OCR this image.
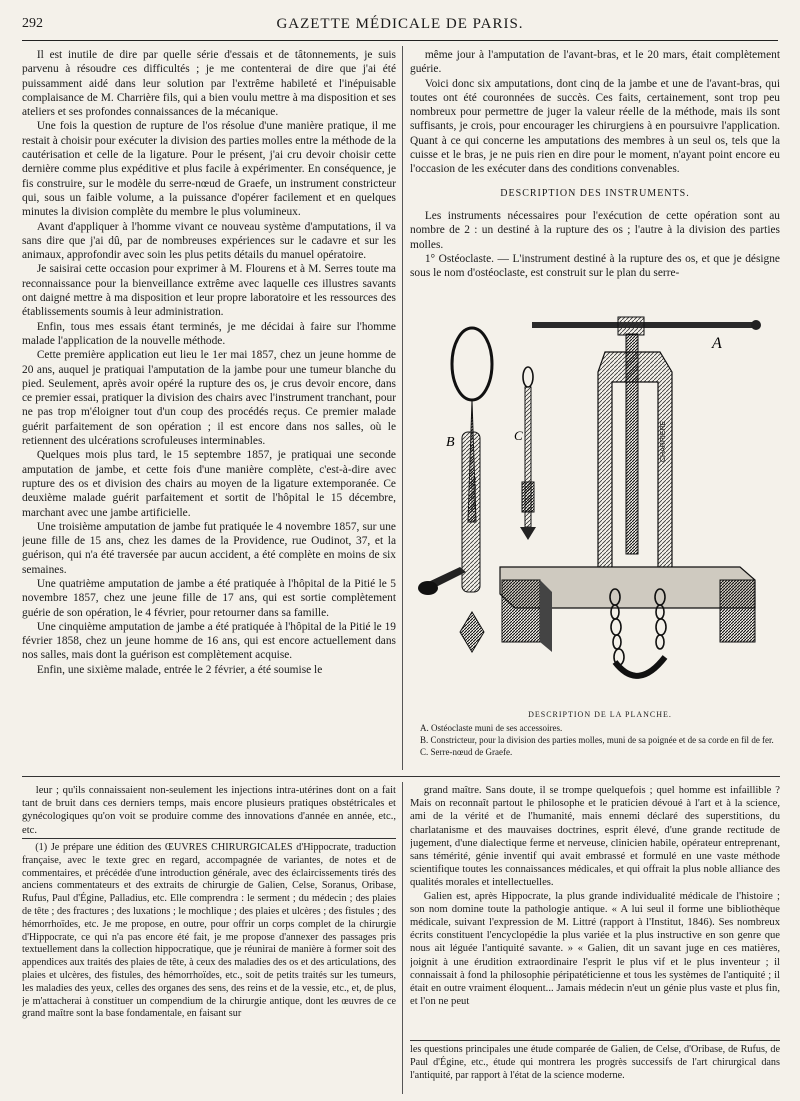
292	GAZETTE MÉDICALE DE PARIS.

Il est inutile de dire par quelle série d'essais et de tâtonnements, je suis parvenu à résoudre ces difficultés ; je me contenterai de dire que j'ai été puissamment aidé dans leur solution par l'extrême habileté et l'inépuisable complaisance de M. Charrière fils, qui a bien voulu mettre à ma disposition et ses ateliers et ses profondes connaissances de la mécanique.

Une fois la question de rupture de l'os résolue d'une manière pratique, il me restait à choisir pour exécuter la division des parties molles entre la méthode de la cautérisation et celle de la ligature. Pour le présent, j'ai cru devoir choisir cette dernière comme plus expéditive et plus facile à expérimenter. En conséquence, je fis construire, sur le modèle du serre-nœud de Graefe, un instrument constricteur qui, sous un faible volume, a la puissance d'opérer facilement et en quelques minutes la division complète du membre le plus volumineux.

Avant d'appliquer à l'homme vivant ce nouveau système d'amputations, il va sans dire que j'ai dû, par de nombreuses expériences sur le cadavre et sur les animaux, approfondir avec soin les plus petits détails du manuel opératoire.

Je saisirai cette occasion pour exprimer à M. Flourens et à M. Serres toute ma reconnaissance pour la bienveillance extrême avec laquelle ces illustres savants ont daigné mettre à ma disposition et leur propre laboratoire et les ressources des établissements soumis à leur administration.

Enfin, tous mes essais étant terminés, je me décidai à faire sur l'homme malade l'application de la nouvelle méthode.

Cette première application eut lieu le 1er mai 1857, chez un jeune homme de 20 ans, auquel je pratiquai l'amputation de la jambe pour une tumeur blanche du pied. Seulement, après avoir opéré la rupture des os, je crus devoir encore, dans ce premier essai, pratiquer la division des chairs avec l'instrument tranchant, pour ne pas trop m'éloigner tout d'un coup des procédés reçus. Ce premier malade guérit parfaitement de son opération ; il est encore dans nos salles, où le retiennent des ulcérations scrofuleuses interminables.

Quelques mois plus tard, le 15 septembre 1857, je pratiquai une seconde amputation de jambe, et cette fois d'une manière complète, c'est-à-dire avec rupture des os et division des chairs au moyen de la ligature extemporanée. Ce deuxième malade guérit parfaitement et sortit de l'hôpital le 15 décembre, marchant avec une jambe artificielle.

Une troisième amputation de jambe fut pratiquée le 4 novembre 1857, sur une jeune fille de 15 ans, chez les dames de la Providence, rue Oudinot, 37, et la guérison, qui n'a été traversée par aucun accident, a été complète en moins de six semaines.

Une quatrième amputation de jambe a été pratiquée à l'hôpital de la Pitié le 5 novembre 1857, chez une jeune fille de 17 ans, qui est sortie complètement guérie de son opération, le 4 février, pour retourner dans sa famille.

Une cinquième amputation de jambe a été pratiquée à l'hôpital de la Pitié le 19 février 1858, chez un jeune homme de 16 ans, qui est encore actuellement dans nos salles, mais dont la guérison est complètement acquise.

Enfin, une sixième malade, entrée le 2 février, a été soumise le

même jour à l'amputation de l'avant-bras, et le 20 mars, était complètement guérie.

Voici donc six amputations, dont cinq de la jambe et une de l'avant-bras, qui toutes ont été couronnées de succès. Ces faits, certainement, sont trop peu nombreux pour permettre de juger la valeur réelle de la méthode, mais ils sont suffisants, je crois, pour encourager les chirurgiens à en poursuivre l'application. Quant à ce qui concerne les amputations des membres à un seul os, tels que la cuisse et le bras, je ne puis rien en dire pour le moment, n'ayant point encore eu l'occasion de les exécuter dans des conditions convenables.

DESCRIPTION DES INSTRUMENTS.

Les instruments nécessaires pour l'exécution de cette opération sont au nombre de 2 : un destiné à la rupture des os ; l'autre à la division des parties molles.

1° Ostéoclaste. — L'instrument destiné à la rupture des os, et que je désigne sous le nom d'ostéoclaste, est construit sur le plan du serre-

A
CHARRIERE
B
CHARRIERE
C
DESCRIPTION DE LA PLANCHE.
A. Ostéoclaste muni de ses accessoires.
B. Constricteur, pour la division des parties molles, muni de sa poignée et de sa corde en fil de fer.
C. Serre-nœud de Graefe.

leur ; qu'ils connaissaient non-seulement les injections intra-utérines dont on a fait tant de bruit dans ces derniers temps, mais encore plusieurs pratiques obstétricales et gynécologiques qu'on voit se produire comme des innovations d'année en année, etc., etc.

(1) Je prépare une édition des ŒUVRES CHIRURGICALES d'Hippocrate, traduction française, avec le texte grec en regard, accompagnée de variantes, de notes et de commentaires, et précédée d'une introduction générale, avec des éclaircissements tirés des anciens commentateurs et des extraits de chirurgie de Galien, Celse, Soranus, Oribase, Rufus, Paul d'Égine, Palladius, etc. Elle comprendra : le serment ; du médecin ; des plaies de tête ; des fractures ; des luxations ; le mochlique ; des plaies et ulcères ; des fistules ; des hémorrhoïdes, etc. Je me propose, en outre, pour offrir un corps complet de la chirurgie d'Hippocrate, ce qui n'a pas encore été fait, je me propose d'annexer des passages pris textuellement dans la collection hippocratique, que je réunirai de manière à former soit des appendices aux traités des plaies de tête, à ceux des maladies des os et des articulations, des plaies et ulcères, des fistules, des hémorrhoïdes, etc., soit de petits traités sur les tumeurs, les maladies des yeux, celles des organes des sens, des reins et de la vessie, etc., et, de plus, je m'attacherai à constituer un compendium de la chirurgie antique, dont les œuvres de ce grand maître sont la base fondamentale, en faisant sur

grand maître. Sans doute, il se trompe quelquefois ; quel homme est infaillible ? Mais on reconnaît partout le philosophe et le praticien dévoué à l'art et à la science, ami de la vérité et de l'humanité, mais ennemi déclaré des superstitions, du charlatanisme et des mauvaises doctrines, esprit élevé, d'une grande rectitude de jugement, d'une dialectique ferme et nerveuse, clinicien habile, opérateur entreprenant, sans témérité, génie inventif qui avait embrassé et formulé en une vaste méthode scientifique toutes les connaissances médicales, et qui offrait la plus noble alliance des qualités morales et intellectuelles.

Galien est, après Hippocrate, la plus grande individualité médicale de l'histoire ; son nom domine toute la pathologie antique. « A lui seul il forme une bibliothèque médicale, suivant l'expression de M. Littré (rapport à l'Institut, 1846). Ses nombreux écrits constituent l'encyclopédie la plus variée et la plus instructive en son genre que nous ait léguée l'antiquité savante. » « Galien, dit un savant juge en ces matières, joignit à une érudition extraordinaire l'esprit le plus vif et le plus inventeur ; il connaissait à fond la philosophie péripatéticienne et tous les systèmes de l'antiquité ; il était en outre vraiment éloquent... Jamais médecin n'eut un génie plus vaste et plus fin, et l'on ne peut

les questions principales une étude comparée de Galien, de Celse, d'Oribase, de Rufus, de Paul d'Égine, etc., étude qui montrera les progrès successifs de l'art chirurgical dans l'antiquité, par rapport à l'état de la science moderne.
